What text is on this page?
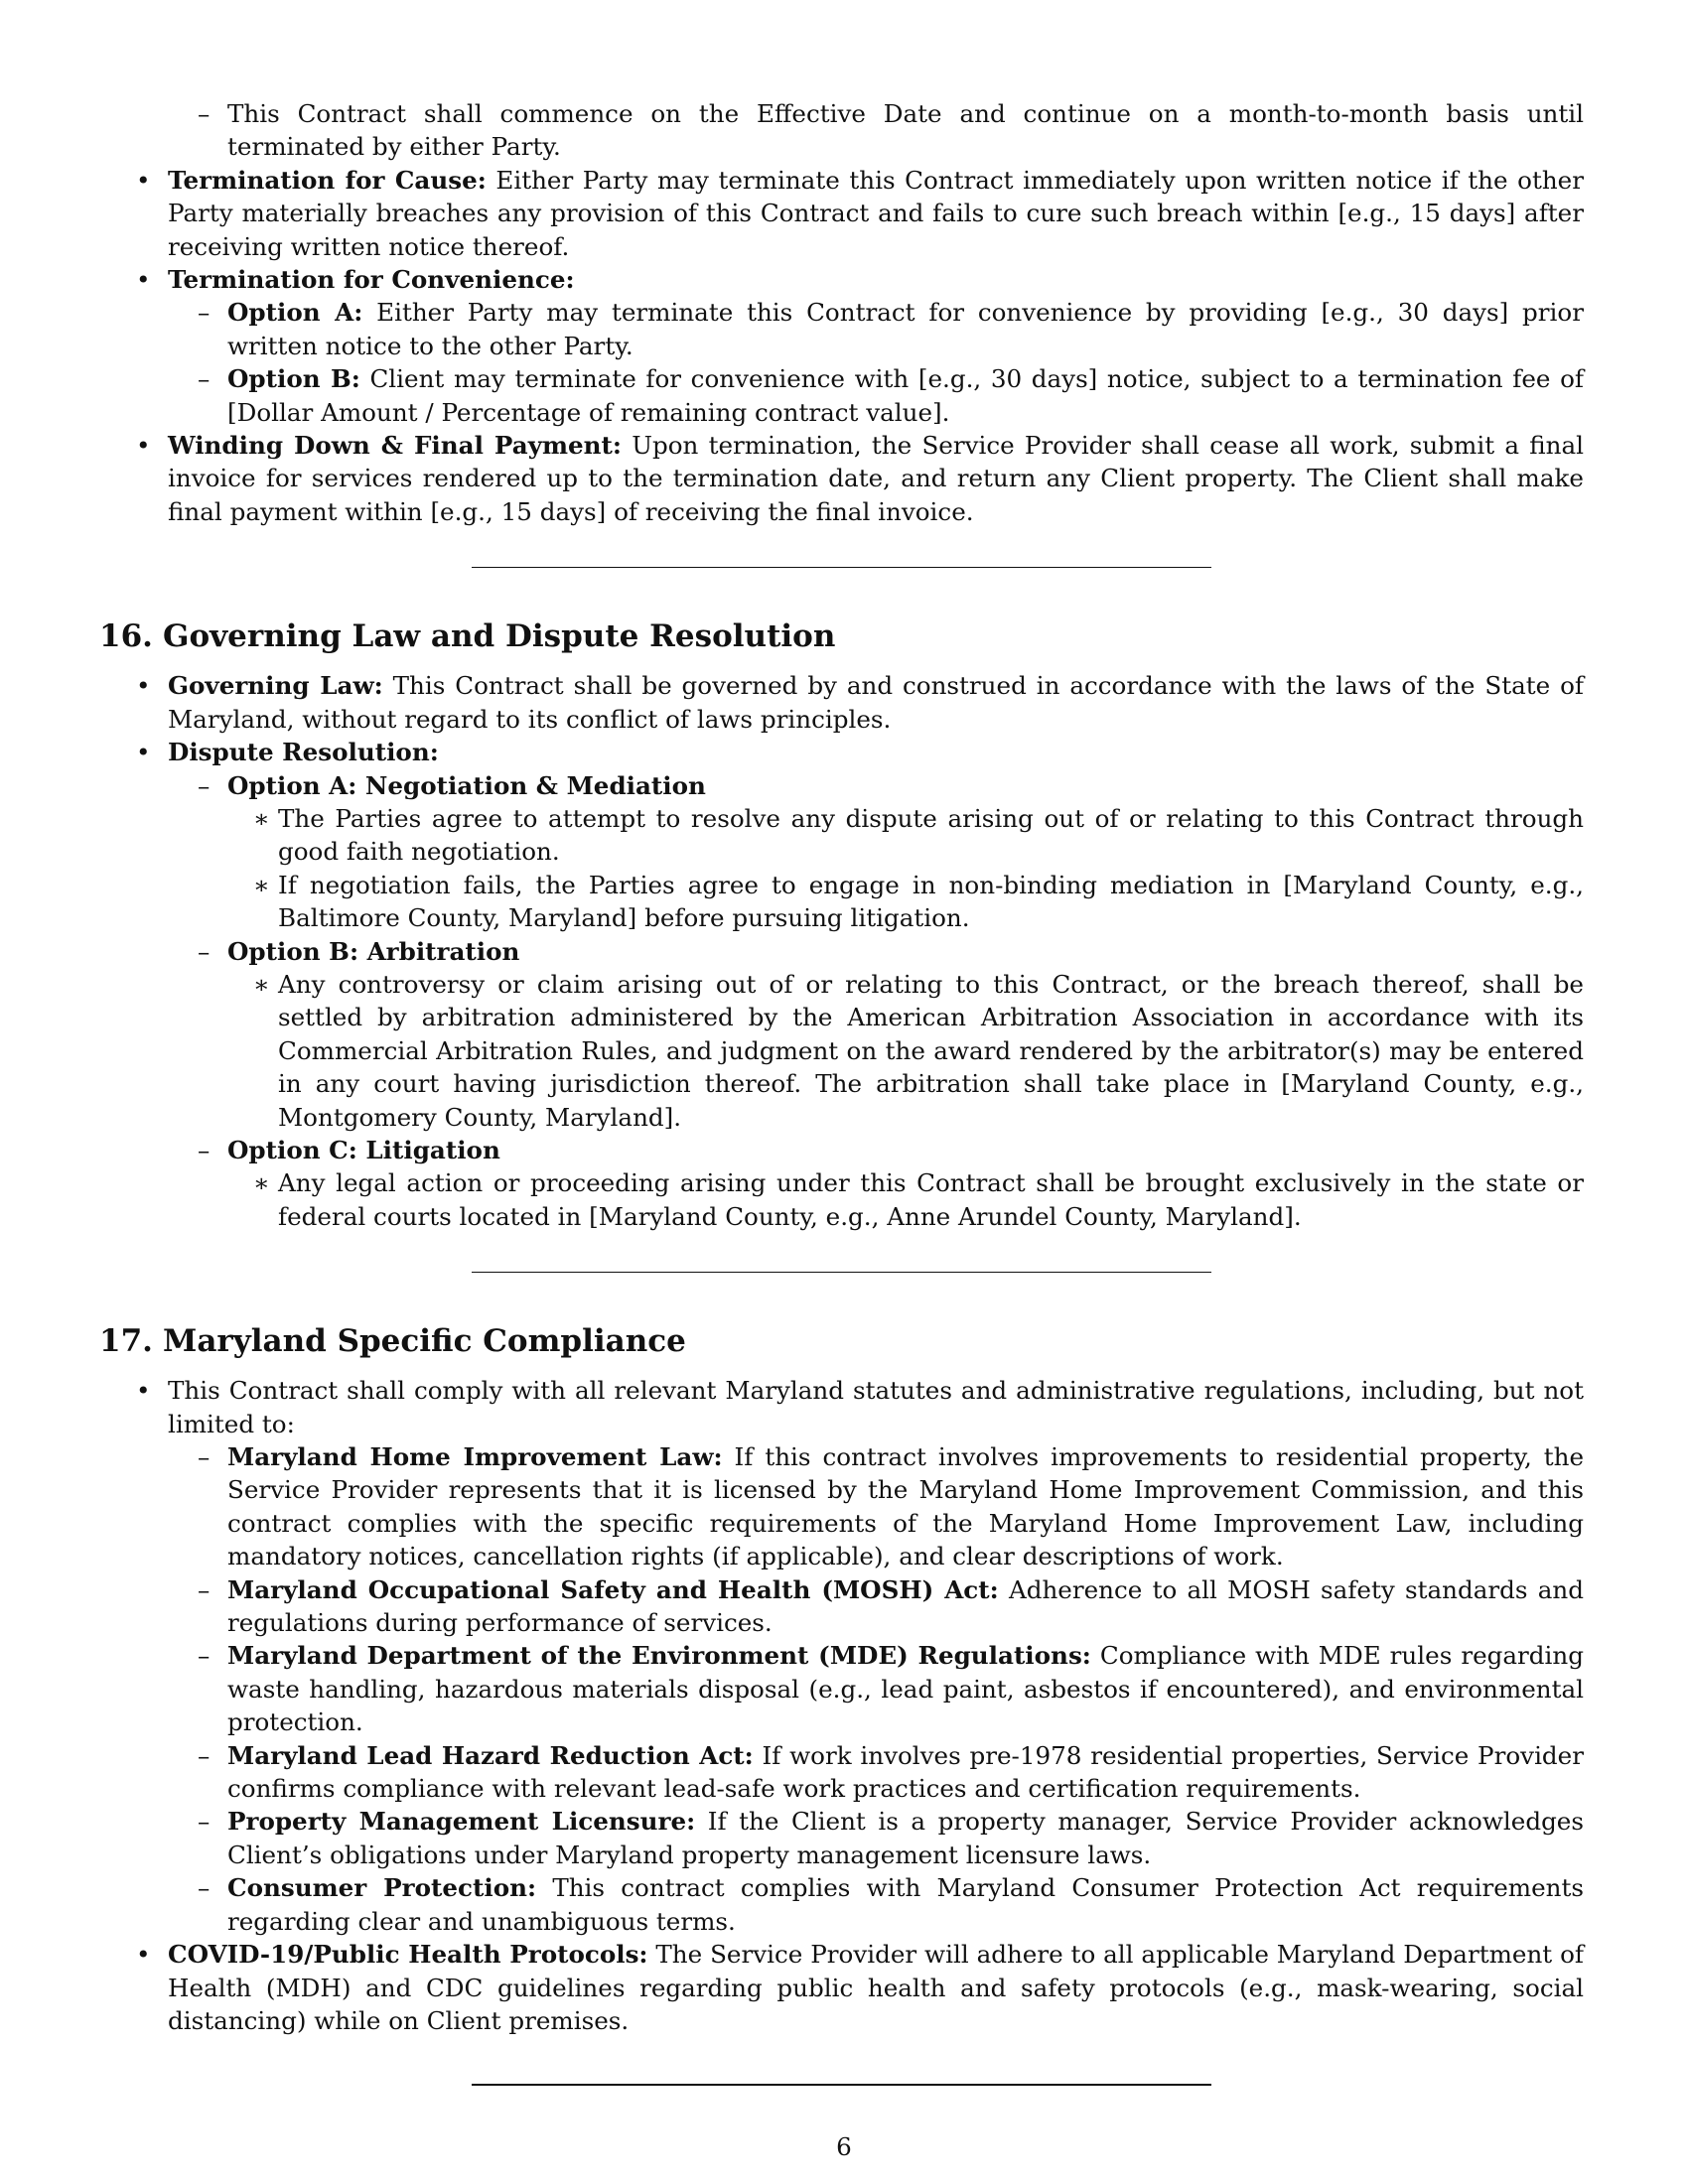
– This Contract shall commence on the Effective Date and continue on a month-to-month basis until terminated by either Party.
• Termination for Cause: Either Party may terminate this Contract immediately upon written notice if the other Party materially breaches any provision of this Contract and fails to cure such breach within [e.g., 15 days] after receiving written notice thereof.
• Termination for Convenience:
– Option A: Either Party may terminate this Contract for convenience by providing [e.g., 30 days] prior written notice to the other Party.
– Option B: Client may terminate for convenience with [e.g., 30 days] notice, subject to a termination fee of [Dollar Amount / Percentage of remaining contract value].
• Winding Down & Final Payment: Upon termination, the Service Provider shall cease all work, submit a final invoice for services rendered up to the termination date, and return any Client property. The Client shall make final payment within [e.g., 15 days] of receiving the final invoice.
16. Governing Law and Dispute Resolution
• Governing Law: This Contract shall be governed by and construed in accordance with the laws of the State of Maryland, without regard to its conflict of laws principles.
• Dispute Resolution:
– Option A: Negotiation & Mediation
∗ The Parties agree to attempt to resolve any dispute arising out of or relating to this Contract through good faith negotiation.
∗ If negotiation fails, the Parties agree to engage in non-binding mediation in [Maryland County, e.g., Baltimore County, Maryland] before pursuing litigation.
– Option B: Arbitration
∗ Any controversy or claim arising out of or relating to this Contract, or the breach thereof, shall be settled by arbitration administered by the American Arbitration Association in accordance with its Commercial Arbitration Rules, and judgment on the award rendered by the arbitrator(s) may be entered in any court having jurisdiction thereof. The arbitration shall take place in [Maryland County, e.g., Montgomery County, Maryland].
– Option C: Litigation
∗ Any legal action or proceeding arising under this Contract shall be brought exclusively in the state or federal courts located in [Maryland County, e.g., Anne Arundel County, Maryland].
17. Maryland Specific Compliance
• This Contract shall comply with all relevant Maryland statutes and administrative regulations, including, but not limited to:
– Maryland Home Improvement Law: If this contract involves improvements to residential property, the Service Provider represents that it is licensed by the Maryland Home Improvement Commission, and this contract complies with the specific requirements of the Maryland Home Improvement Law, including mandatory notices, cancellation rights (if applicable), and clear descriptions of work.
– Maryland Occupational Safety and Health (MOSH) Act: Adherence to all MOSH safety standards and regulations during performance of services.
– Maryland Department of the Environment (MDE) Regulations: Compliance with MDE rules regarding waste handling, hazardous materials disposal (e.g., lead paint, asbestos if encountered), and environmental protection.
– Maryland Lead Hazard Reduction Act: If work involves pre-1978 residential properties, Service Provider confirms compliance with relevant lead-safe work practices and certification requirements.
– Property Management Licensure: If the Client is a property manager, Service Provider acknowledges Client’s obligations under Maryland property management licensure laws.
– Consumer Protection: This contract complies with Maryland Consumer Protection Act requirements regarding clear and unambiguous terms.
• COVID-19/Public Health Protocols: The Service Provider will adhere to all applicable Maryland Department of Health (MDH) and CDC guidelines regarding public health and safety protocols (e.g., mask-wearing, social distancing) while on Client premises.
6
